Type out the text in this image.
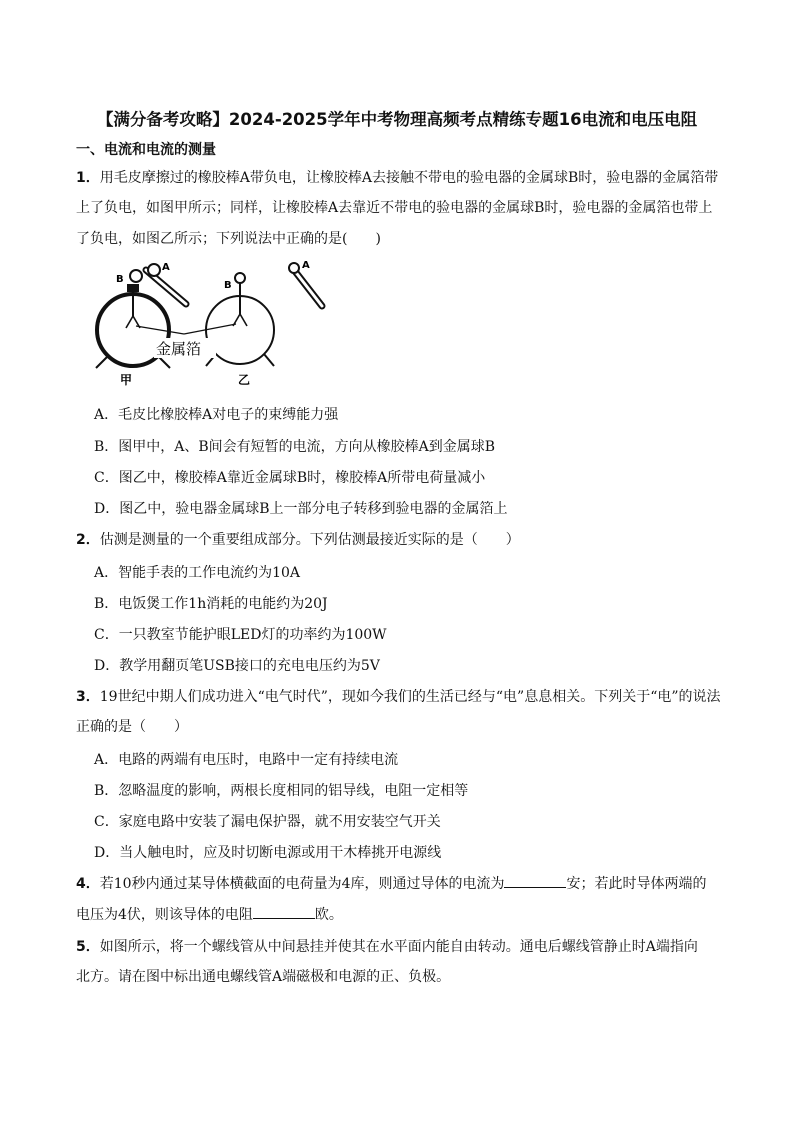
【满分备考攻略】2024-2025学年中考物理高频考点精练专题16电流和电压电阻
一、电流和电流的测量
1．用毛皮摩擦过的橡胶棒A带负电，让橡胶棒A去接触不带电的验电器的金属球B时，验电器的金属箔带
上了负电，如图甲所示；同样，让橡胶棒A去靠近不带电的验电器的金属球B时，验电器的金属箔也带上
了负电，如图乙所示；下列说法中正确的是(　　)
B
A
B
A
金属箔
甲	乙
A．毛皮比橡胶棒A对电子的束缚能力强
B．图甲中，A、B间会有短暂的电流，方向从橡胶棒A到金属球B
C．图乙中，橡胶棒A靠近金属球B时，橡胶棒A所带电荷量减小
D．图乙中，验电器金属球B上一部分电子转移到验电器的金属箔上
2．估测是测量的一个重要组成部分。下列估测最接近实际的是（　　）
A．智能手表的工作电流约为10A
B．电饭煲工作1h消耗的电能约为20J
C．一只教室节能护眼LED灯的功率约为100W
D．教学用翻页笔USB接口的充电电压约为5V
3．19世纪中期人们成功进入“电气时代”，现如今我们的生活已经与“电”息息相关。下列关于“电”的说法
正确的是（　　）
A．电路的两端有电压时，电路中一定有持续电流
B．忽略温度的影响，两根长度相同的铝导线，电阻一定相等
C．家庭电路中安装了漏电保护器，就不用安装空气开关
D．当人触电时，应及时切断电源或用干木棒挑开电源线
4．若10秒内通过某导体横截面的电荷量为4库，则通过导体的电流为	安；若此时导体两端的
电压为4伏，则该导体的电阻	欧。
5．如图所示，将一个螺线管从中间悬挂并使其在水平面内能自由转动。通电后螺线管静止时A端指向
北方。请在图中标出通电螺线管A端磁极和电源的正、负极。
